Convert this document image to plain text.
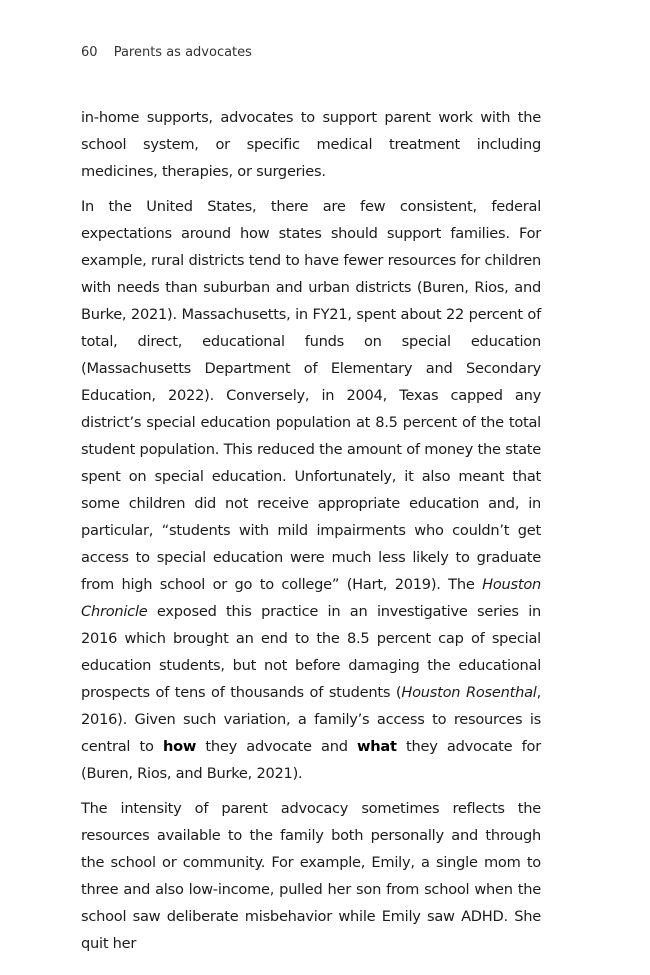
60 Parents as advocates

in-home supports, advocates to support parent work with the school system, or specific medical treatment including medicines, therapies, or surgeries.

In the United States, there are few consistent, federal expectations around how states should support families. For example, rural districts tend to have fewer resources for children with needs than suburban and urban districts (Buren, Rios, and Burke, 2021). Massachusetts, in FY21, spent about 22 percent of total, direct, educational funds on special education (Massachusetts Department of Elementary and Secondary Education, 2022). Conversely, in 2004, Texas capped any district’s special education population at 8.5 percent of the total student population. This reduced the amount of money the state spent on special education. Unfortunately, it also meant that some children did not receive appropriate education and, in particular, “students with mild impairments who couldn’t get access to special education were much less likely to graduate from high school or go to college” (Hart, 2019). The Houston Chronicle exposed this practice in an investigative series in 2016 which brought an end to the 8.5 percent cap of special education students, but not before damaging the educational prospects of tens of thousands of students (Houston Rosenthal, 2016). Given such variation, a family’s access to resources is central to how they advocate and what they advocate for (Buren, Rios, and Burke, 2021).

The intensity of parent advocacy sometimes reflects the resources available to the family both personally and through the school or community. For example, Emily, a single mom to three and also low-income, pulled her son from school when the school saw deliberate misbehavior while Emily saw ADHD. She quit her
